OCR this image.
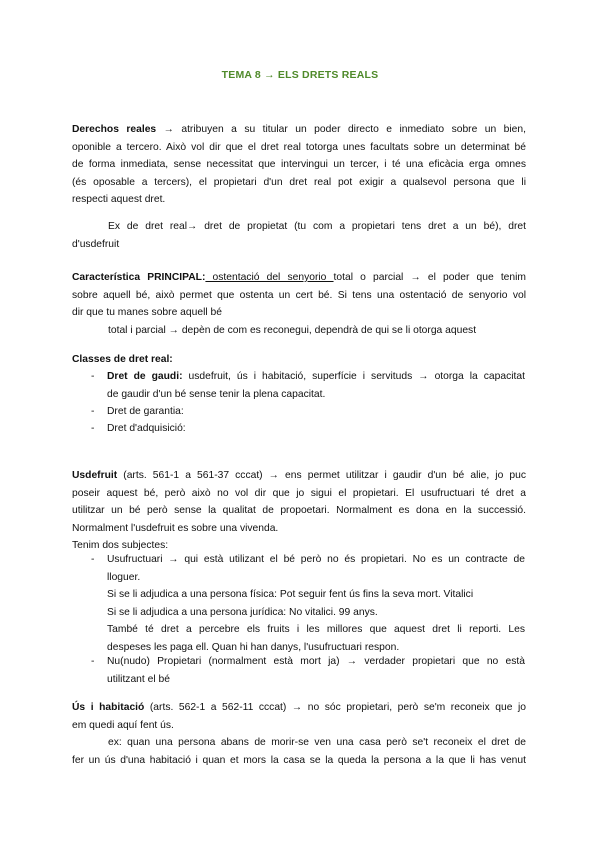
TEMA 8 → ELS DRETS REALS
Derechos reales → atribuyen a su titular un poder directo e inmediato sobre un bien,
oponible a tercero. Això vol dir que el dret real totorga unes facultats sobre un determinat bé
de forma inmediata, sense necessitat que intervingui un tercer, i té una eficàcia erga omnes
(és oposable a tercers), el propietari d'un dret real pot exigir a qualsevol persona que li
respecti aquest dret.
Ex de dret real→ dret de propietat (tu com a propietari tens dret a un bé), dret
d'usdefruit
Característica PRINCIPAL: ostentació del senyorio total o parcial → el poder que tenim
sobre aquell bé, això permet que ostenta un cert bé. Si tens una ostentació de senyorio vol
dir que tu manes sobre aquell bé
total i parcial → depèn de com es reconegui, dependrà de qui se li otorga aquest
Classes de dret real:
- Dret de gaudi: usdefruit, ús i habitació, superfície i servituds → otorga la capacitat
de gaudir d'un bé sense tenir la plena capacitat.
- Dret de garantia:
- Dret d'adquisició:
Usdefruit (arts. 561-1 a 561-37 cccat) → ens permet utilitzar i gaudir d'un bé alie, jo puc
poseir aquest bé, però això no vol dir que jo sigui el propietari. El usufructuari té dret a
utilitzar un bé però sense la qualitat de propoetari. Normalment es dona en la successió.
Normalment l'usdefruit es sobre una vivenda.
Tenim dos subjectes:
- Usufructuari → qui està utilizant el bé però no és propietari. No es un contracte de
lloguer.
Si se li adjudica a una persona física: Pot seguir fent ús fins la seva mort. Vitalici
Si se li adjudica a una persona jurídica: No vitalici. 99 anys.
També té dret a percebre els fruits i les millores que aquest dret li reporti. Les
despeses les paga ell. Quan hi han danys, l'usufructuari respon.
- Nu(nudo) Propietari (normalment està mort ja) → verdader propietari que no està
utilitzant el bé
Ús i habitació (arts. 562-1 a 562-11 cccat) → no sóc propietari, però se'm reconeix que jo
em quedi aquí fent ús.
ex: quan una persona abans de morir-se ven una casa però se't reconeix el dret de
fer un ús d'una habitació i quan et mors la casa se la queda la persona a la que li has venut
